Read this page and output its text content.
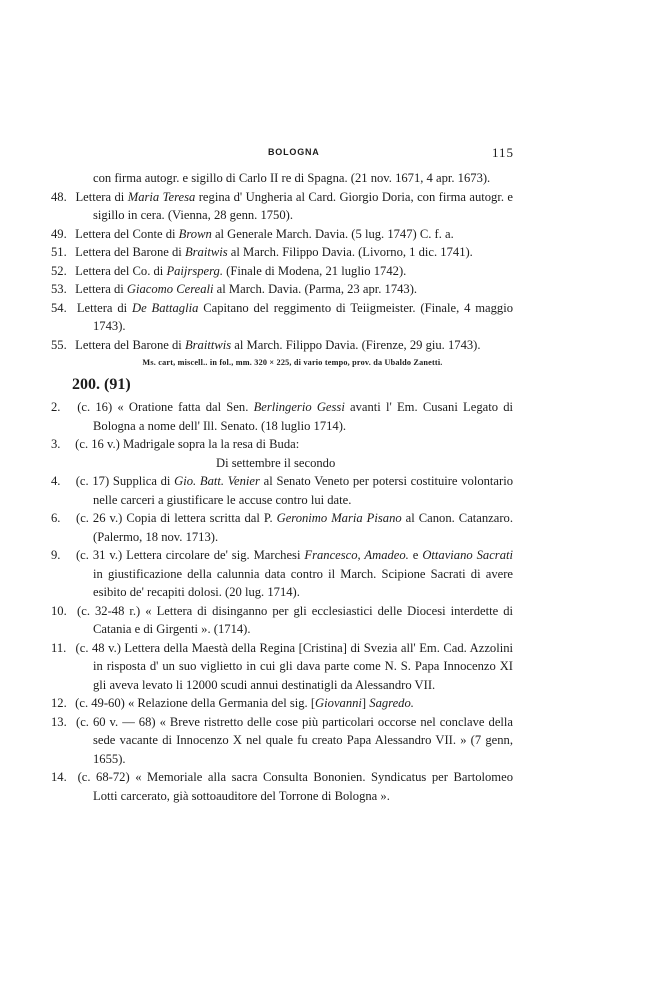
BOLOGNA	115

con firma autogr. e sigillo di Carlo II re di Spagna. (21 nov. 1671, 4 apr. 1673).

48. Lettera di Maria Teresa regina d' Ungheria al Card. Giorgio Doria, con firma autogr. e sigillo in cera. (Vienna, 28 genn. 1750).

49. Lettera del Conte di Brown al Generale March. Davia. (5 lug. 1747) C. f. a.

51. Lettera del Barone di Braitwis al March. Filippo Davia. (Livorno, 1 dic. 1741).

52. Lettera del Co. di Paijrsperg. (Finale di Modena, 21 luglio 1742).

53. Lettera di Giacomo Cereali al March. Davia. (Parma, 23 apr. 1743).

54. Lettera di De Battaglia Capitano del reggimento di Teiigmeister. (Finale, 4 maggio 1743).

55. Lettera del Barone di Braittwis al March. Filippo Davia. (Firenze, 29 giu. 1743).

Ms. cart, miscell.. in fol., mm. 320 × 225, di vario tempo, prov. da Ubaldo Zanetti.

200. (91)

2. (c. 16) « Oratione fatta dal Sen. Berlingerio Gessi avanti l' Em. Cusani Legato di Bologna a nome dell' Ill. Senato. (18 luglio 1714).

3. (c. 16 v.) Madrigale sopra la la resa di Buda:

Di settembre il secondo

4. (c. 17) Supplica di Gio. Batt. Venier al Senato Veneto per potersi costituire volontario nelle carceri a giustificare le accuse contro lui date.

6. (c. 26 v.) Copia di lettera scritta dal P. Geronimo Maria Pisano al Canon. Catanzaro. (Palermo, 18 nov. 1713).

9. (c. 31 v.) Lettera circolare de' sig. Marchesi Francesco, Amadeo. e Ottaviano Sacrati in giustificazione della calunnia data contro il March. Scipione Sacrati di avere esibito de' recapiti dolosi. (20 lug. 1714).

10. (c. 32-48 r.) « Lettera di disinganno per gli ecclesiastici delle Diocesi interdette di Catania e di Girgenti ». (1714).

11. (c. 48 v.) Lettera della Maestà della Regina [Cristina] di Svezia all' Em. Cad. Azzolini in risposta d' un suo viglietto in cui gli dava parte come N. S. Papa Innocenzo XI gli aveva levato li 12000 scudi annui destinatigli da Alessandro VII.

12. (c. 49-60) « Relazione della Germania del sig. [Giovanni] Sagredo.

13. (c. 60 v. — 68) « Breve ristretto delle cose più particolari occorse nel conclave della sede vacante di Innocenzo X nel quale fu creato Papa Alessandro VII. » (7 genn, 1655).

14. (c. 68-72) « Memoriale alla sacra Consulta Bononien. Syndicatus per Bartolomeo Lotti carcerato, già sottoauditore del Torrone di Bologna ».
